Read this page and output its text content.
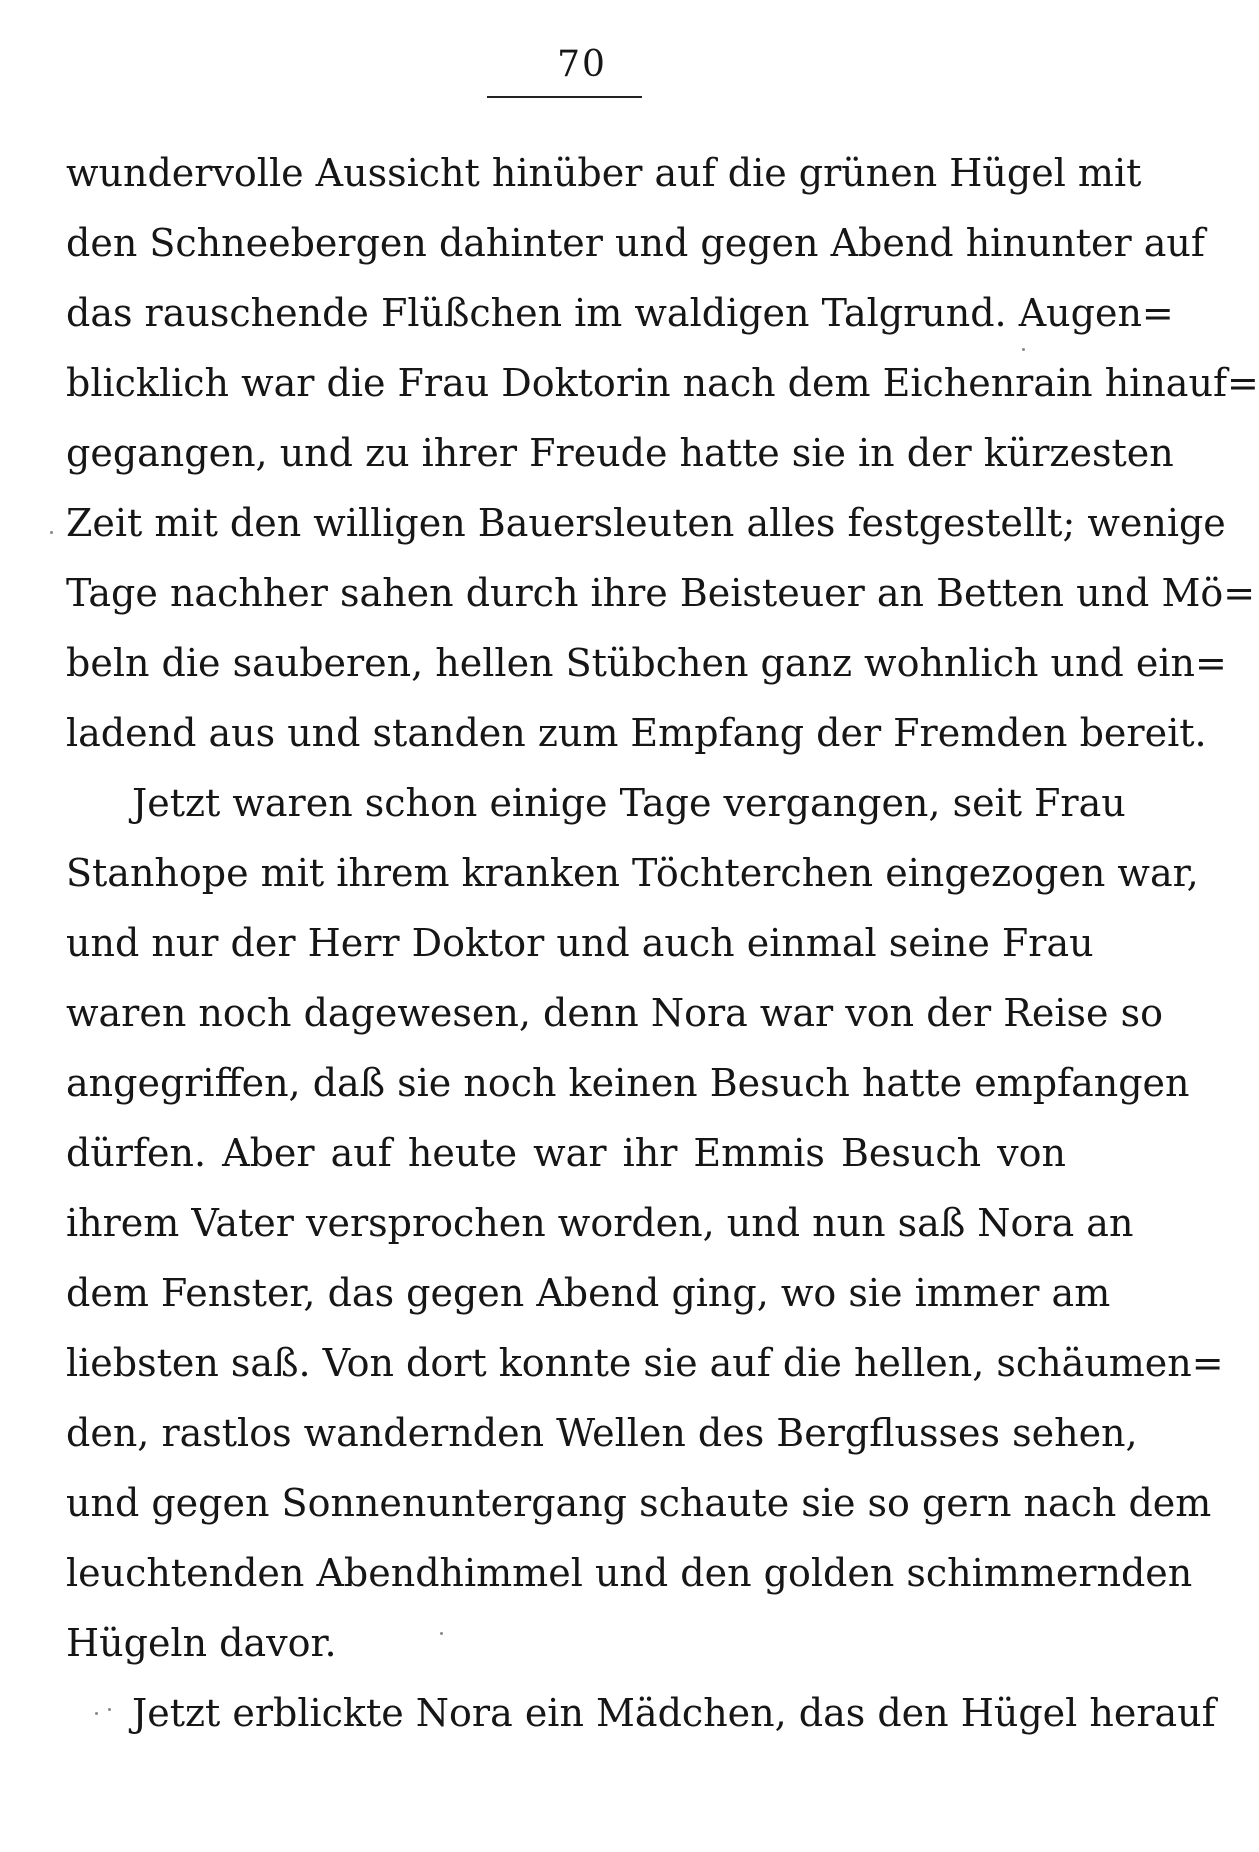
70
wundervolle Aussicht hinüber auf die grünen Hügel mit
den Schneebergen dahinter und gegen Abend hinunter auf
das rauschende Flüßchen im waldigen Talgrund. Augen=
blicklich war die Frau Doktorin nach dem Eichenrain hinauf=
gegangen, und zu ihrer Freude hatte sie in der kürzesten
Zeit mit den willigen Bauersleuten alles festgestellt; wenige
Tage nachher sahen durch ihre Beisteuer an Betten und Mö=
beln die sauberen, hellen Stübchen ganz wohnlich und ein=
ladend aus und standen zum Empfang der Fremden bereit.
Jetzt waren schon einige Tage vergangen, seit Frau
Stanhope mit ihrem kranken Töchterchen eingezogen war,
und nur der Herr Doktor und auch einmal seine Frau
waren noch dagewesen, denn Nora war von der Reise so
angegriffen, daß sie noch keinen Besuch hatte empfangen
dürfen. Aber auf heute war ihr Emmis Besuch von
ihrem Vater versprochen worden, und nun saß Nora an
dem Fenster, das gegen Abend ging, wo sie immer am
liebsten saß. Von dort konnte sie auf die hellen, schäumen=
den, rastlos wandernden Wellen des Bergflusses sehen,
und gegen Sonnenuntergang schaute sie so gern nach dem
leuchtenden Abendhimmel und den golden schimmernden
Hügeln davor.
Jetzt erblickte Nora ein Mädchen, das den Hügel herauf
